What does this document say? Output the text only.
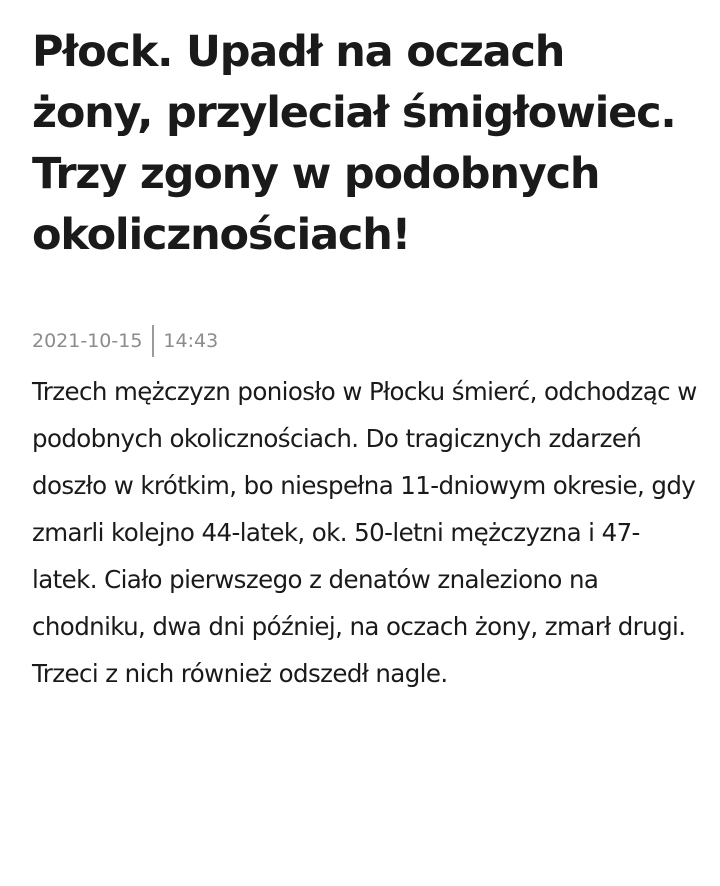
Płock. Upadł na oczach żony, przyleciał śmigłowiec. Trzy zgony w podobnych okolicznościach!
2021-10-15 14:43

Trzech mężczyzn poniosło w Płocku śmierć, odchodząc w podobnych okolicznościach. Do tragicznych zdarzeń doszło w krótkim, bo niespełna 11-dniowym okresie, gdy zmarli kolejno 44-latek, ok. 50-letni mężczyzna i 47-latek. Ciało pierwszego z denatów znaleziono na chodniku, dwa dni później, na oczach żony, zmarł drugi. Trzeci z nich również odszedł nagle.
